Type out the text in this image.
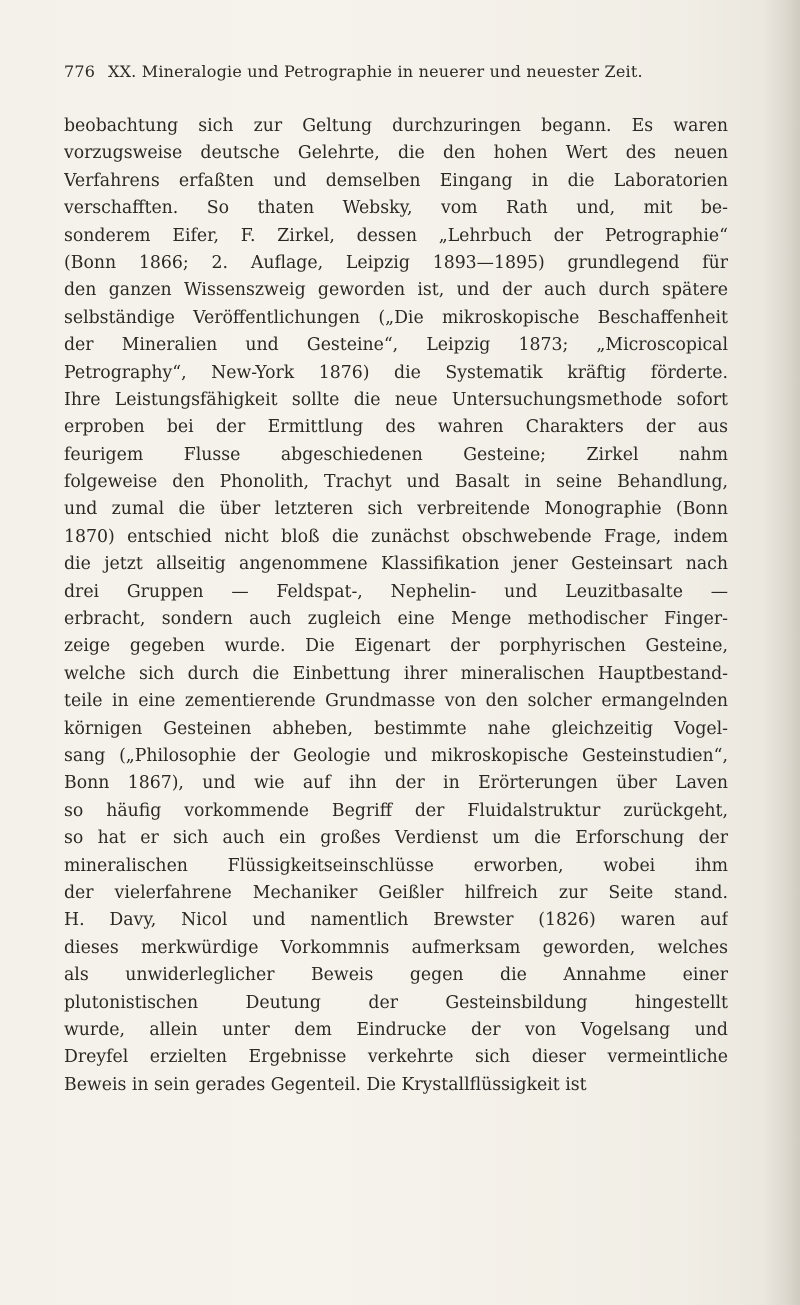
776 XX. Mineralogie und Petrographie in neuerer und neuester Zeit.
beobachtung sich zur Geltung durchzuringen begann. Es waren
vorzugsweise deutsche Gelehrte, die den hohen Wert des neuen
Verfahrens erfaßten und demselben Eingang in die Laboratorien
verschafften. So thaten Websky, vom Rath und, mit be-
sonderem Eifer, F. Zirkel, dessen „Lehrbuch der Petrographie“
(Bonn 1866; 2. Auflage, Leipzig 1893—1895) grundlegend für
den ganzen Wissenszweig geworden ist, und der auch durch spätere
selbständige Veröffentlichungen („Die mikroskopische Beschaffenheit
der Mineralien und Gesteine“, Leipzig 1873; „Microscopical
Petrography“, New-York 1876) die Systematik kräftig förderte.
Ihre Leistungsfähigkeit sollte die neue Untersuchungsmethode sofort
erproben bei der Ermittlung des wahren Charakters der aus
feurigem Flusse abgeschiedenen Gesteine; Zirkel nahm
folgeweise den Phonolith, Trachyt und Basalt in seine Behandlung,
und zumal die über letzteren sich verbreitende Monographie (Bonn
1870) entschied nicht bloß die zunächst obschwebende Frage, indem
die jetzt allseitig angenommene Klassifikation jener Gesteinsart nach
drei Gruppen — Feldspat-, Nephelin- und Leuzitbasalte —
erbracht, sondern auch zugleich eine Menge methodischer Finger-
zeige gegeben wurde. Die Eigenart der porphyrischen Gesteine,
welche sich durch die Einbettung ihrer mineralischen Hauptbestand-
teile in eine zementierende Grundmasse von den solcher ermangelnden
körnigen Gesteinen abheben, bestimmte nahe gleichzeitig Vogel-
sang („Philosophie der Geologie und mikroskopische Gesteinstudien“,
Bonn 1867), und wie auf ihn der in Erörterungen über Laven
so häufig vorkommende Begriff der Fluidalstruktur zurückgeht,
so hat er sich auch ein großes Verdienst um die Erforschung der
mineralischen Flüssigkeitseinschlüsse erworben, wobei ihm
der vielerfahrene Mechaniker Geißler hilfreich zur Seite stand.
H. Davy, Nicol und namentlich Brewster (1826) waren auf
dieses merkwürdige Vorkommnis aufmerksam geworden, welches
als unwiderleglicher Beweis gegen die Annahme einer
plutonistischen Deutung der Gesteinsbildung hingestellt
wurde, allein unter dem Eindrucke der von Vogelsang und
Dreyfel erzielten Ergebnisse verkehrte sich dieser vermeintliche
Beweis in sein gerades Gegenteil. Die Krystallflüssigkeit ist
